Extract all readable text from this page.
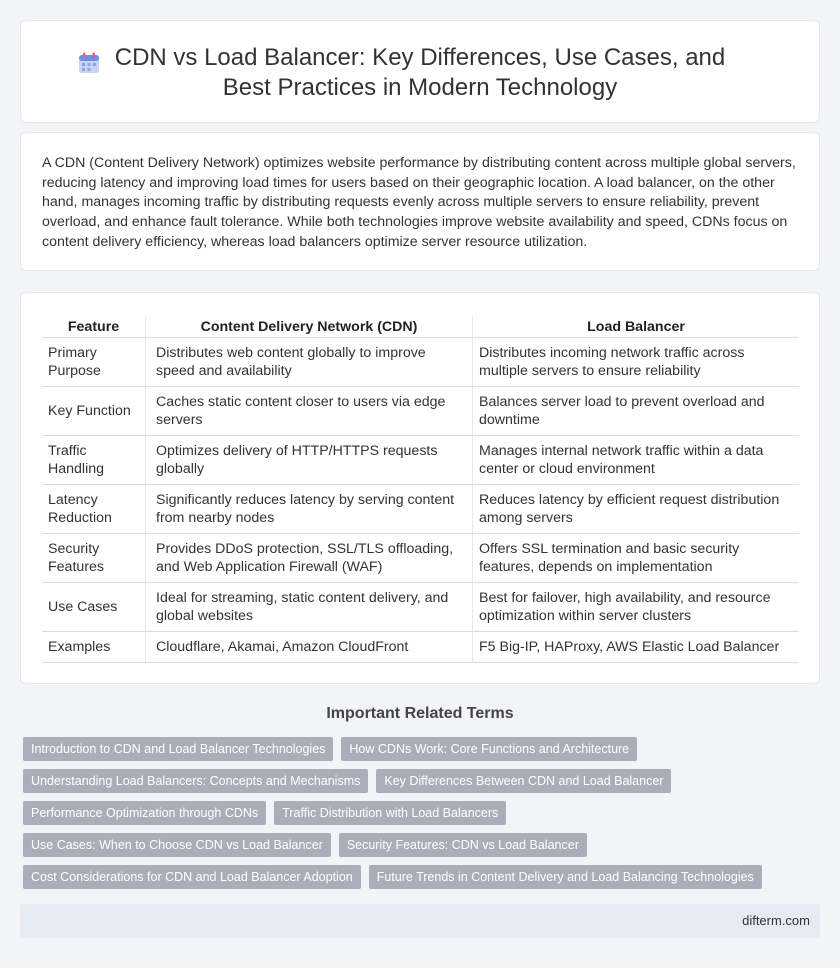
CDN vs Load Balancer: Key Differences, Use Cases, and Best Practices in Modern Technology

A CDN (Content Delivery Network) optimizes website performance by distributing content across multiple global servers, reducing latency and improving load times for users based on their geographic location. A load balancer, on the other hand, manages incoming traffic by distributing requests evenly across multiple servers to ensure reliability, prevent overload, and enhance fault tolerance. While both technologies improve website availability and speed, CDNs focus on content delivery efficiency, whereas load balancers optimize server resource utilization.

Feature	Content Delivery Network (CDN)	Load Balancer
Primary Purpose	Distributes web content globally to improve speed and availability	Distributes incoming network traffic across multiple servers to ensure reliability
Key Function	Caches static content closer to users via edge servers	Balances server load to prevent overload and downtime
Traffic Handling	Optimizes delivery of HTTP/HTTPS requests globally	Manages internal network traffic within a data center or cloud environment
Latency Reduction	Significantly reduces latency by serving content from nearby nodes	Reduces latency by efficient request distribution among servers
Security Features	Provides DDoS protection, SSL/TLS offloading, and Web Application Firewall (WAF)	Offers SSL termination and basic security features, depends on implementation
Use Cases	Ideal for streaming, static content delivery, and global websites	Best for failover, high availability, and resource optimization within server clusters
Examples	Cloudflare, Akamai, Amazon CloudFront	F5 Big-IP, HAProxy, AWS Elastic Load Balancer
Important Related Terms
Introduction to CDN and Load Balancer Technologies	How CDNs Work: Core Functions and Architecture
Understanding Load Balancers: Concepts and Mechanisms	Key Differences Between CDN and Load Balancer
Performance Optimization through CDNs	Traffic Distribution with Load Balancers
Use Cases: When to Choose CDN vs Load Balancer	Security Features: CDN vs Load Balancer
Cost Considerations for CDN and Load Balancer Adoption	Future Trends in Content Delivery and Load Balancing Technologies
difterm.com
